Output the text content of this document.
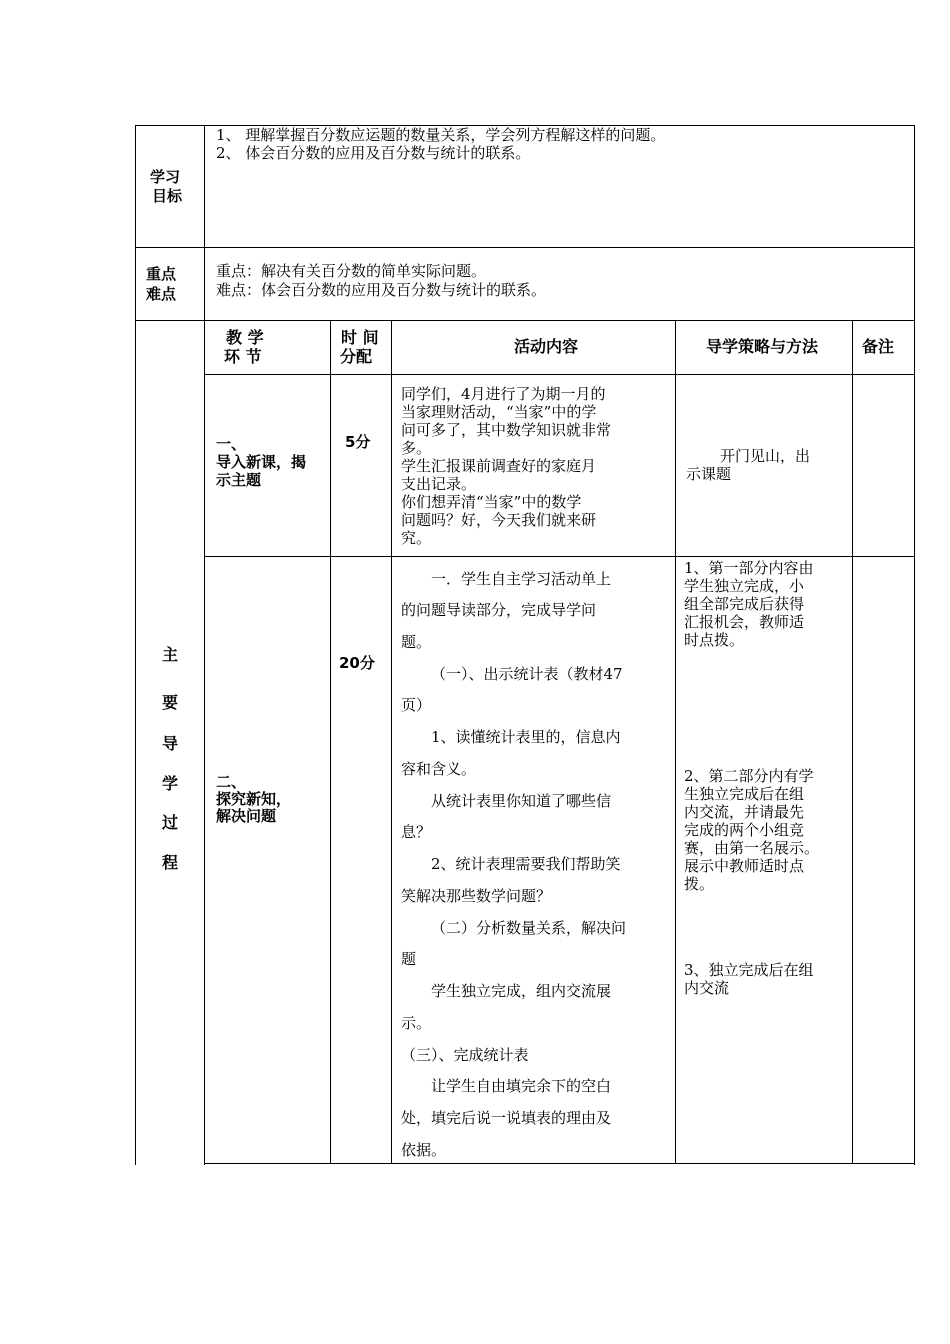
学习
目标
1、 理解掌握百分数应运题的数量关系，学会列方程解这样的问题。
2、 体会百分数的应用及百分数与统计的联系。
重点
难点
重点：解决有关百分数的简单实际问题。
难点：体会百分数的应用及百分数与统计的联系。
主
要
导
学
过
程
教 学
环 节
时 间
分配
活动内容	导学策略与方法	备注
一、
导入新课，揭
示主题
5分
同学们，4月进行了为期一月的
当家理财活动，“当家”中的学
问可多了，其中数学知识就非常
多。
学生汇报课前调查好的家庭月
支出记录。
你们想弄清“当家”中的数学
问题吗？好，今天我们就来研
究。
开门见山，出
示课题
二、
探究新知，
解决问题
20分
一．学生自主学习活动单上
的问题导读部分，完成导学问
题。
（一）、出示统计表（教材47
页）
1、读懂统计表里的，信息内
容和含义。
从统计表里你知道了哪些信
息？
2、统计表理需要我们帮助笑
笑解决那些数学问题？
（二）分析数量关系，解决问
题
学生独立完成，组内交流展
示。
（三）、完成统计表
让学生自由填完余下的空白
处，填完后说一说填表的理由及
依据。
1、第一部分内容由
学生独立完成，小
组全部完成后获得
汇报机会，教师适
时点拨。
2、第二部分内有学
生独立完成后在组
内交流，并请最先
完成的两个小组竞
赛，由第一名展示。
展示中教师适时点
拨。
3、独立完成后在组
内交流
